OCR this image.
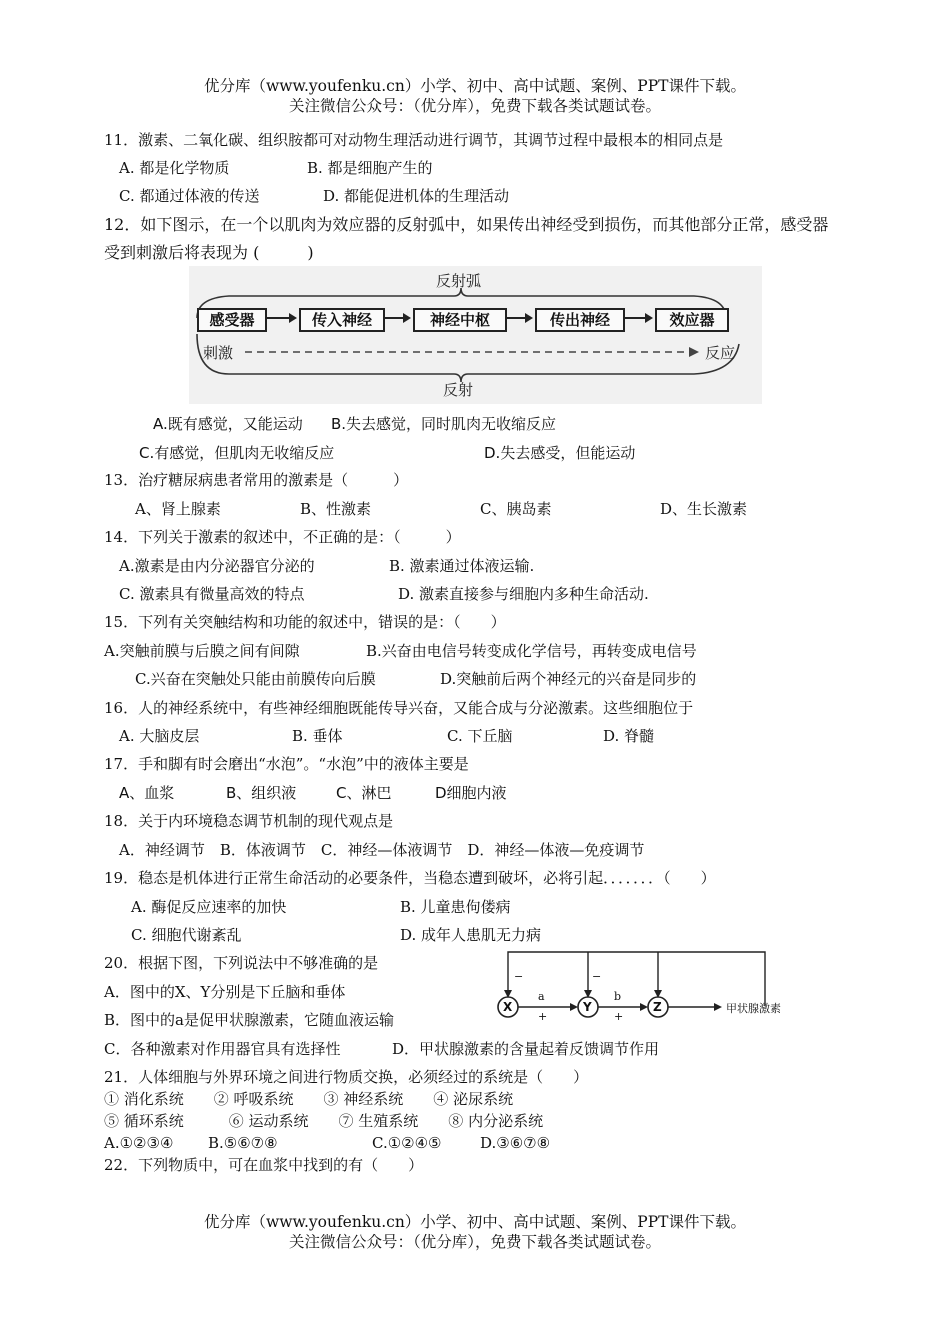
优分库（www.youfenku.cn）小学、初中、高中试题、案例、PPT课件下载。
关注微信公众号：（优分库），免费下载各类试题试卷。
11．激素、二氧化碳、组织胺都可对动物生理活动进行调节，其调节过程中最根本的相同点是
A. 都是化学物质	B. 都是细胞产生的
C. 都通过体液的传送	D. 都能促进机体的生理活动
12．如下图示，在一个以肌肉为效应器的反射弧中，如果传出神经受到损伤，而其他部分正常，感受器
受到刺激后将表现为 (　　　)
反射弧
感受器	传入神经	神经中枢	传出神经	效应器
刺激	反应
反射
A.既有感觉，又能运动 B.失去感觉，同时肌肉无收缩反应
C.有感觉，但肌肉无收缩反应	D.失去感受，但能运动
13．治疗糖尿病患者常用的激素是（　　　）
A、肾上腺素	B、性激素	C、胰岛素	D、生长激素
14．下列关于激素的叙述中，不正确的是：（　　　）
A.激素是由内分泌器官分泌的	B. 激素通过体液运输.
C. 激素具有微量高效的特点	D. 激素直接参与细胞内多种生命活动.
15．下列有关突触结构和功能的叙述中，错误的是：（　　）
A.突触前膜与后膜之间有间隙	B.兴奋由电信号转变成化学信号，再转变成电信号
C.兴奋在突触处只能由前膜传向后膜	D.突触前后两个神经元的兴奋是同步的
16．人的神经系统中，有些神经细胞既能传导兴奋，又能合成与分泌激素。这些细胞位于
A. 大脑皮层	B. 垂体	C. 下丘脑	D. 脊髓
17．手和脚有时会磨出“水泡”。“水泡”中的液体主要是
A、血浆	B、组织液	C、淋巴	D细胞内液
18．关于内环境稳态调节机制的现代观点是
A．神经调节　B．体液调节　C．神经—体液调节　D．神经—体液—免疫调节
19．稳态是机体进行正常生命活动的必要条件，当稳态遭到破坏，必将引起．．．．．．．（　　）
A. 酶促反应速率的加快	B. 儿童患佝偻病
C. 细胞代谢紊乱	D. 成年人患肌无力病
20．根据下图，下列说法中不够准确的是
A．图中的X、Y分别是下丘脑和垂体
B．图中的a是促甲状腺激素，它随血液运输
C．各种激素对作用器官具有选择性	D．甲状腺激素的含量起着反馈调节作用
X	Y	Z
a
+
b
+
−	−
甲状腺激素
21．人体细胞与外界环境之间进行物质交换，必须经过的系统是（　　）
① 消化系统　　② 呼吸系统　　③ 神经系统　　④ 泌尿系统
⑤ 循环系统　　　⑥ 运动系统　　⑦ 生殖系统　　⑧ 内分泌系统
A.①②③④ B.⑤⑥⑦⑧	C.①②④⑤	D.③⑥⑦⑧
22．下列物质中，可在血浆中找到的有（　　）
优分库（www.youfenku.cn）小学、初中、高中试题、案例、PPT课件下载。
关注微信公众号：（优分库），免费下载各类试题试卷。
